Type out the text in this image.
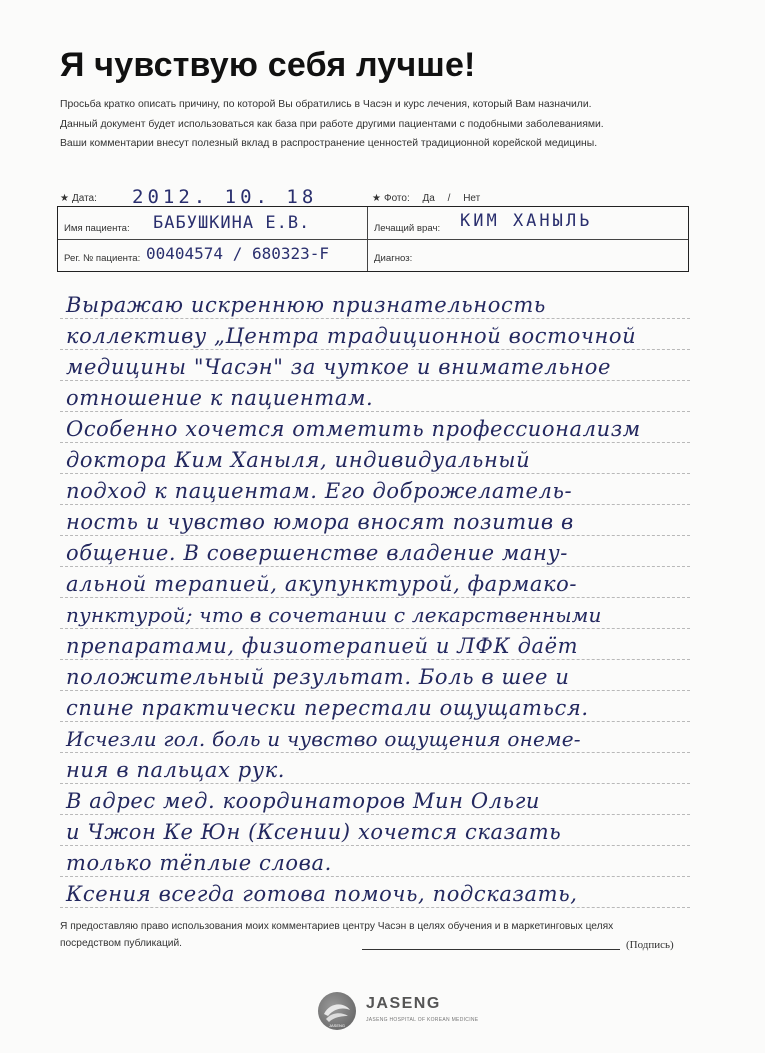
Я чувствую себя лучше!
Просьба кратко описать причину, по которой Вы обратились в Часэн и курс лечения, который Вам назначили.
Данный документ будет использоваться как база при работе другими пациентами с подобными заболеваниями.
Ваши комментарии внесут полезный вклад в распространение ценностей традиционной корейской медицины.
★ Дата: 2012. 10. 18	★ Фото: Да / Нет
Имя пациента: БАБУШКИНА Е.В.	Лечащий врач: КИМ ХАНЫЛЬ
Рег. № пациента: 00404574 / 680323-F	Диагноз:
Выражаю искреннюю признательность
коллективу „Центра традиционной восточной
медицины "Часэн" за чуткое и внимательное
отношение к пациентам.
Особенно хочется отметить профессионализм
доктора Ким Ханыля, индивидуальный
подход к пациентам. Его доброжелатель-
ность и чувство юмора вносят позитив в
общение. В совершенстве владение ману-
альной терапией, акупунктурой, фармако-
пунктурой; что в сочетании с лекарственными
препаратами, физиотерапией и ЛФК даёт
положительный результат. Боль в шее и
спине практически перестали ощущаться.
Исчезли гол. боль и чувство ощущения онеме-
ния в пальцах рук.
В адрес мед. координаторов Мин Ольги
и Чжон Ке Юн (Ксении) хочется сказать
только тёплые слова.
Ксения всегда готова помочь, подсказать,
Я предоставляю право использования моих комментариев центру Часэн в целях обучения и в маркетинговых целях
посредством публикаций.	(Подпись)
JASENG
JASENG
JASENG HOSPITAL OF KOREAN MEDICINE
